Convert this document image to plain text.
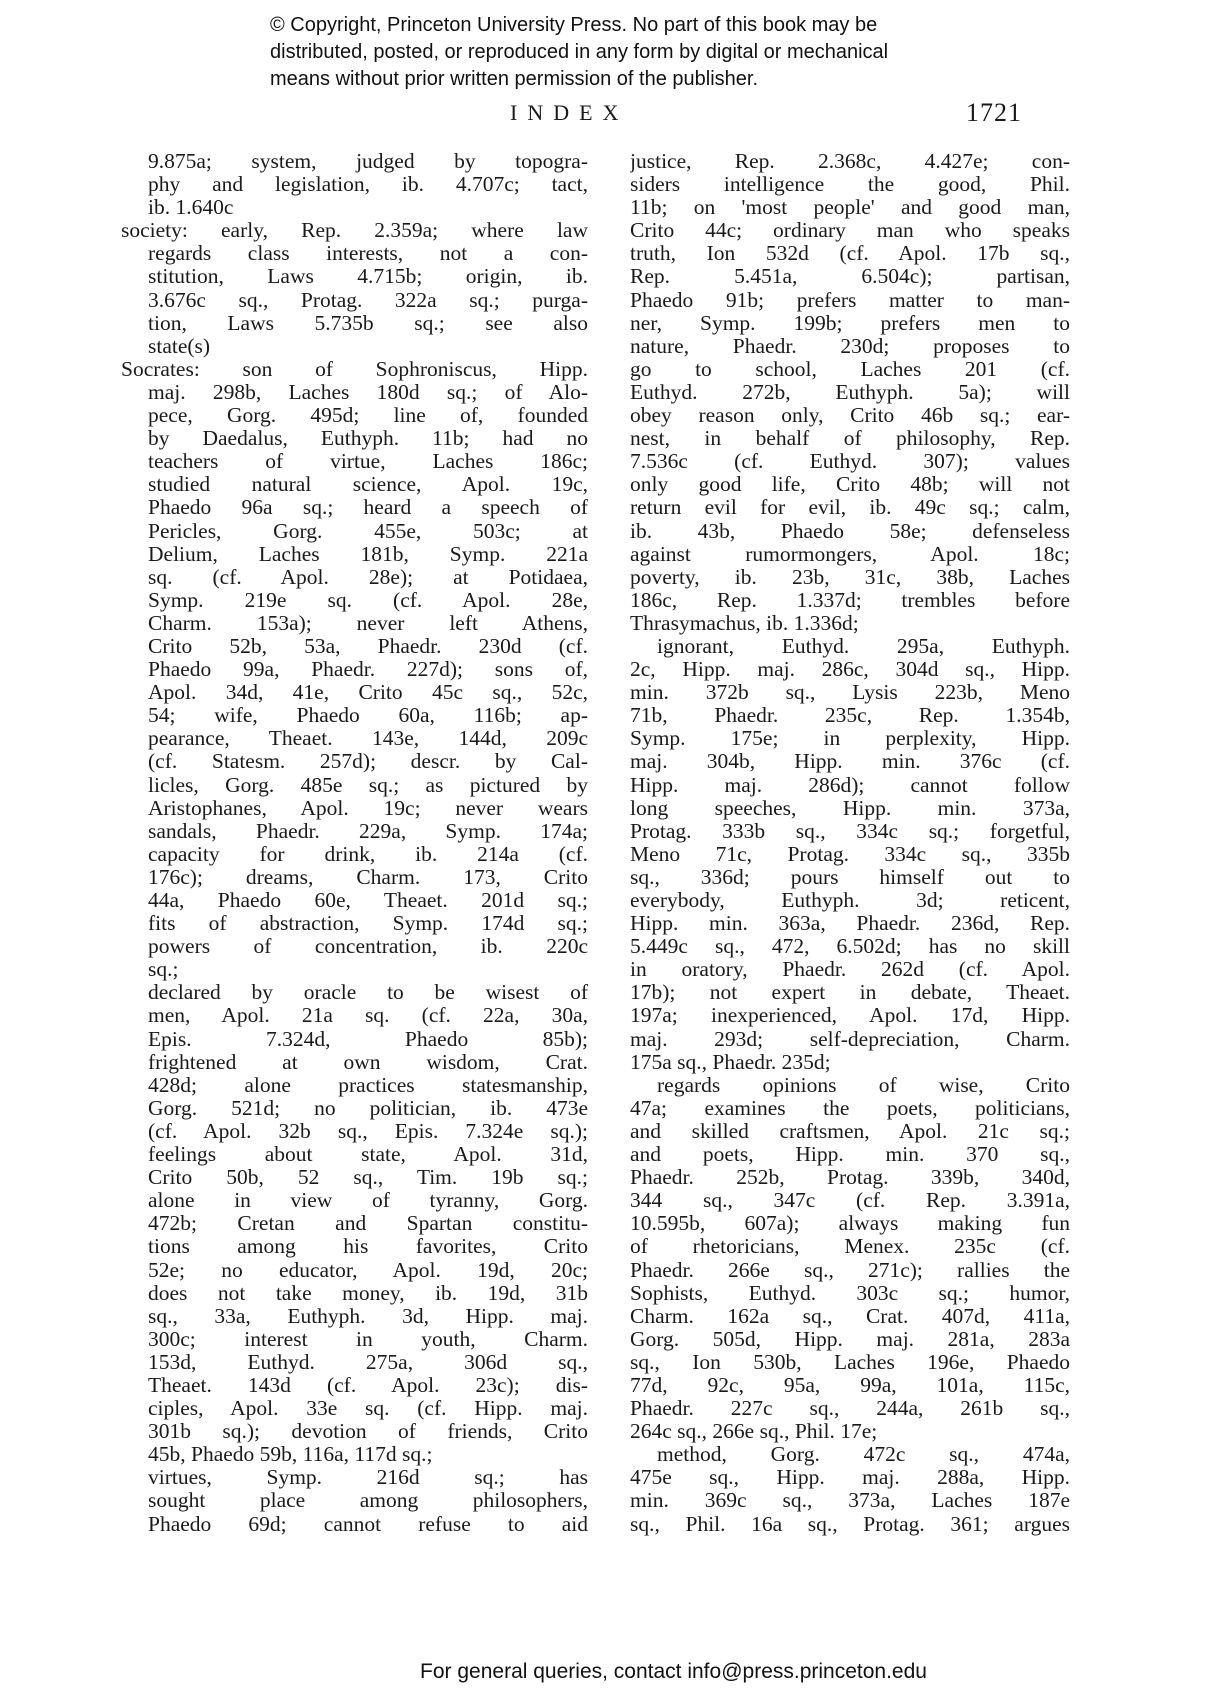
© Copyright, Princeton University Press. No part of this book may be
distributed, posted, or reproduced in any form by digital or mechanical
means without prior written permission of the publisher.
INDEX	1721
9.875a; system, judged by topogra-
phy and legislation, ib. 4.707c; tact,
ib. 1.640c
society: early, Rep. 2.359a; where law
regards class interests, not a con-
stitution, Laws 4.715b; origin, ib.
3.676c sq., Protag. 322a sq.; purga-
tion, Laws 5.735b sq.; see also
state(s)
Socrates: son of Sophroniscus, Hipp.
maj. 298b, Laches 180d sq.; of Alo-
pece, Gorg. 495d; line of, founded
by Daedalus, Euthyph. 11b; had no
teachers of virtue, Laches 186c;
studied natural science, Apol. 19c,
Phaedo 96a sq.; heard a speech of
Pericles, Gorg. 455e, 503c; at
Delium, Laches 181b, Symp. 221a
sq. (cf. Apol. 28e); at Potidaea,
Symp. 219e sq. (cf. Apol. 28e,
Charm. 153a); never left Athens,
Crito 52b, 53a, Phaedr. 230d (cf.
Phaedo 99a, Phaedr. 227d); sons of,
Apol. 34d, 41e, Crito 45c sq., 52c,
54; wife, Phaedo 60a, 116b; ap-
pearance, Theaet. 143e, 144d, 209c
(cf. Statesm. 257d); descr. by Cal-
licles, Gorg. 485e sq.; as pictured by
Aristophanes, Apol. 19c; never wears
sandals, Phaedr. 229a, Symp. 174a;
capacity for drink, ib. 214a (cf.
176c); dreams, Charm. 173, Crito
44a, Phaedo 60e, Theaet. 201d sq.;
fits of abstraction, Symp. 174d sq.;
powers of concentration, ib. 220c
sq.;
declared by oracle to be wisest of
men, Apol. 21a sq. (cf. 22a, 30a,
Epis. 7.324d, Phaedo 85b);
frightened at own wisdom, Crat.
428d; alone practices statesmanship,
Gorg. 521d; no politician, ib. 473e
(cf. Apol. 32b sq., Epis. 7.324e sq.);
feelings about state, Apol. 31d,
Crito 50b, 52 sq., Tim. 19b sq.;
alone in view of tyranny, Gorg.
472b; Cretan and Spartan constitu-
tions among his favorites, Crito
52e; no educator, Apol. 19d, 20c;
does not take money, ib. 19d, 31b
sq., 33a, Euthyph. 3d, Hipp. maj.
300c; interest in youth, Charm.
153d, Euthyd. 275a, 306d sq.,
Theaet. 143d (cf. Apol. 23c); dis-
ciples, Apol. 33e sq. (cf. Hipp. maj.
301b sq.); devotion of friends, Crito
45b, Phaedo 59b, 116a, 117d sq.;
virtues, Symp. 216d sq.; has
sought place among philosophers,
Phaedo 69d; cannot refuse to aid
justice, Rep. 2.368c, 4.427e; con-
siders intelligence the good, Phil.
11b; on 'most people' and good man,
Crito 44c; ordinary man who speaks
truth, Ion 532d (cf. Apol. 17b sq.,
Rep. 5.451a, 6.504c); partisan,
Phaedo 91b; prefers matter to man-
ner, Symp. 199b; prefers men to
nature, Phaedr. 230d; proposes to
go to school, Laches 201 (cf.
Euthyd. 272b, Euthyph. 5a); will
obey reason only, Crito 46b sq.; ear-
nest, in behalf of philosophy, Rep.
7.536c (cf. Euthyd. 307); values
only good life, Crito 48b; will not
return evil for evil, ib. 49c sq.; calm,
ib. 43b, Phaedo 58e; defenseless
against rumormongers, Apol. 18c;
poverty, ib. 23b, 31c, 38b, Laches
186c, Rep. 1.337d; trembles before
Thrasymachus, ib. 1.336d;
ignorant, Euthyd. 295a, Euthyph.
2c, Hipp. maj. 286c, 304d sq., Hipp.
min. 372b sq., Lysis 223b, Meno
71b, Phaedr. 235c, Rep. 1.354b,
Symp. 175e; in perplexity, Hipp.
maj. 304b, Hipp. min. 376c (cf.
Hipp. maj. 286d); cannot follow
long speeches, Hipp. min. 373a,
Protag. 333b sq., 334c sq.; forgetful,
Meno 71c, Protag. 334c sq., 335b
sq., 336d; pours himself out to
everybody, Euthyph. 3d; reticent,
Hipp. min. 363a, Phaedr. 236d, Rep.
5.449c sq., 472, 6.502d; has no skill
in oratory, Phaedr. 262d (cf. Apol.
17b); not expert in debate, Theaet.
197a; inexperienced, Apol. 17d, Hipp.
maj. 293d; self-depreciation, Charm.
175a sq., Phaedr. 235d;
regards opinions of wise, Crito
47a; examines the poets, politicians,
and skilled craftsmen, Apol. 21c sq.;
and poets, Hipp. min. 370 sq.,
Phaedr. 252b, Protag. 339b, 340d,
344 sq., 347c (cf. Rep. 3.391a,
10.595b, 607a); always making fun
of rhetoricians, Menex. 235c (cf.
Phaedr. 266e sq., 271c); rallies the
Sophists, Euthyd. 303c sq.; humor,
Charm. 162a sq., Crat. 407d, 411a,
Gorg. 505d, Hipp. maj. 281a, 283a
sq., Ion 530b, Laches 196e, Phaedo
77d, 92c, 95a, 99a, 101a, 115c,
Phaedr. 227c sq., 244a, 261b sq.,
264c sq., 266e sq., Phil. 17e;
method, Gorg. 472c sq., 474a,
475e sq., Hipp. maj. 288a, Hipp.
min. 369c sq., 373a, Laches 187e
sq., Phil. 16a sq., Protag. 361; argues
For general queries, contact info@press.princeton.edu
